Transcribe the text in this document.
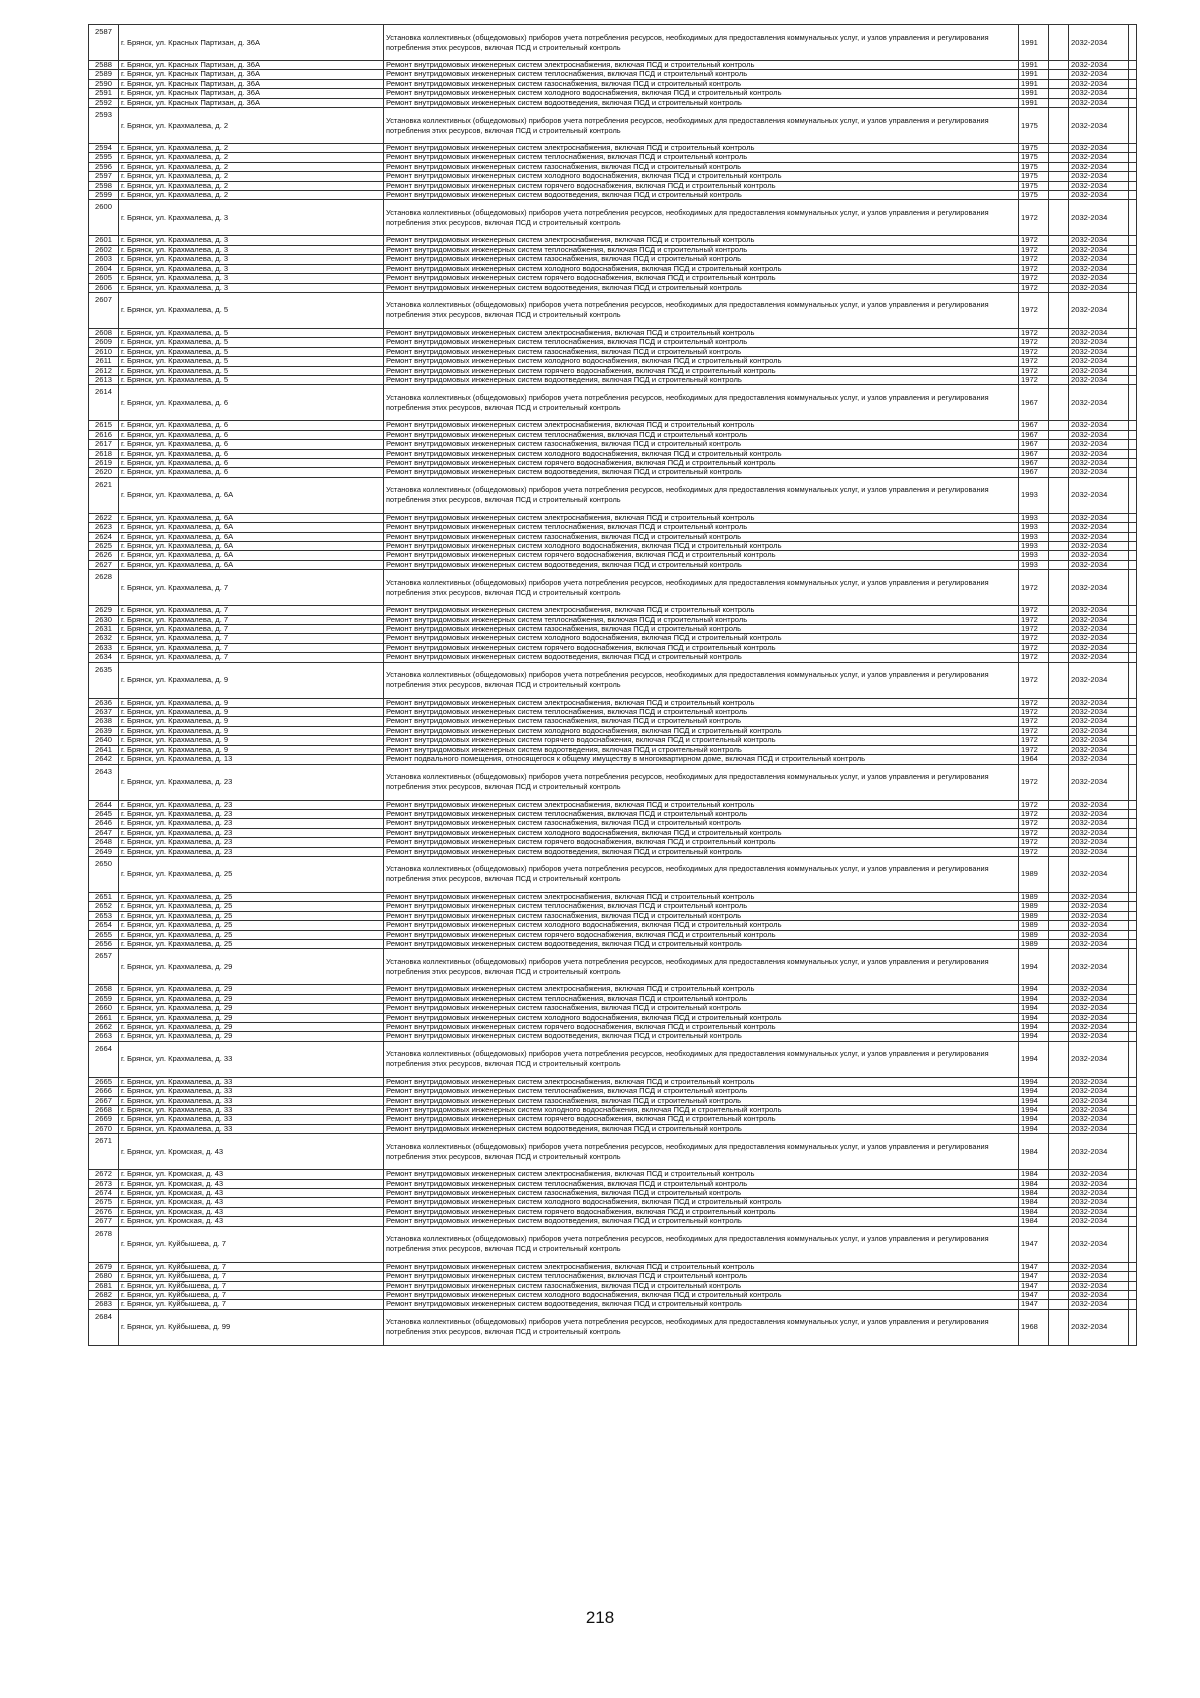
2587	г. Брянск, ул. Красных Партизан, д. 36А	Установка коллективных (общедомовых) приборов учета потребления ресурсов, необходимых для предоставления коммунальных услуг, и узлов управления и регулирования потребления этих ресурсов, включая ПСД и строительный контроль	1991		2032-2034	
2588	г. Брянск, ул. Красных Партизан, д. 36А	Ремонт внутридомовых инженерных систем электроснабжения, включая ПСД и строительный контроль	1991		2032-2034	
2589	г. Брянск, ул. Красных Партизан, д. 36А	Ремонт внутридомовых инженерных систем теплоснабжения, включая ПСД и строительный контроль	1991		2032-2034	
2590	г. Брянск, ул. Красных Партизан, д. 36А	Ремонт внутридомовых инженерных систем газоснабжения, включая ПСД и строительный контроль	1991		2032-2034	
2591	г. Брянск, ул. Красных Партизан, д. 36А	Ремонт внутридомовых инженерных систем холодного водоснабжения, включая ПСД и строительный контроль	1991		2032-2034	
2592	г. Брянск, ул. Красных Партизан, д. 36А	Ремонт внутридомовых инженерных систем водоотведения, включая ПСД и строительный контроль	1991		2032-2034	
2593	г. Брянск, ул. Крахмалева, д. 2	Установка коллективных (общедомовых) приборов учета потребления ресурсов, необходимых для предоставления коммунальных услуг, и узлов управления и регулирования потребления этих ресурсов, включая ПСД и строительный контроль	1975		2032-2034	
2594	г. Брянск, ул. Крахмалева, д. 2	Ремонт внутридомовых инженерных систем электроснабжения, включая ПСД и строительный контроль	1975		2032-2034	
2595	г. Брянск, ул. Крахмалева, д. 2	Ремонт внутридомовых инженерных систем теплоснабжения, включая ПСД и строительный контроль	1975		2032-2034	
2596	г. Брянск, ул. Крахмалева, д. 2	Ремонт внутридомовых инженерных систем газоснабжения, включая ПСД и строительный контроль	1975		2032-2034	
2597	г. Брянск, ул. Крахмалева, д. 2	Ремонт внутридомовых инженерных систем холодного водоснабжения, включая ПСД и строительный контроль	1975		2032-2034	
2598	г. Брянск, ул. Крахмалева, д. 2	Ремонт внутридомовых инженерных систем горячего водоснабжения, включая ПСД и строительный контроль	1975		2032-2034	
2599	г. Брянск, ул. Крахмалева, д. 2	Ремонт внутридомовых инженерных систем водоотведения, включая ПСД и строительный контроль	1975		2032-2034	
2600	г. Брянск, ул. Крахмалева, д. 3	Установка коллективных (общедомовых) приборов учета потребления ресурсов, необходимых для предоставления коммунальных услуг, и узлов управления и регулирования потребления этих ресурсов, включая ПСД и строительный контроль	1972		2032-2034	
2601	г. Брянск, ул. Крахмалева, д. 3	Ремонт внутридомовых инженерных систем электроснабжения, включая ПСД и строительный контроль	1972		2032-2034	
2602	г. Брянск, ул. Крахмалева, д. 3	Ремонт внутридомовых инженерных систем теплоснабжения, включая ПСД и строительный контроль	1972		2032-2034	
2603	г. Брянск, ул. Крахмалева, д. 3	Ремонт внутридомовых инженерных систем газоснабжения, включая ПСД и строительный контроль	1972		2032-2034	
2604	г. Брянск, ул. Крахмалева, д. 3	Ремонт внутридомовых инженерных систем холодного водоснабжения, включая ПСД и строительный контроль	1972		2032-2034	
2605	г. Брянск, ул. Крахмалева, д. 3	Ремонт внутридомовых инженерных систем горячего водоснабжения, включая ПСД и строительный контроль	1972		2032-2034	
2606	г. Брянск, ул. Крахмалева, д. 3	Ремонт внутридомовых инженерных систем водоотведения, включая ПСД и строительный контроль	1972		2032-2034	
2607	г. Брянск, ул. Крахмалева, д. 5	Установка коллективных (общедомовых) приборов учета потребления ресурсов, необходимых для предоставления коммунальных услуг, и узлов управления и регулирования потребления этих ресурсов, включая ПСД и строительный контроль	1972		2032-2034	
2608	г. Брянск, ул. Крахмалева, д. 5	Ремонт внутридомовых инженерных систем электроснабжения, включая ПСД и строительный контроль	1972		2032-2034	
2609	г. Брянск, ул. Крахмалева, д. 5	Ремонт внутридомовых инженерных систем теплоснабжения, включая ПСД и строительный контроль	1972		2032-2034	
2610	г. Брянск, ул. Крахмалева, д. 5	Ремонт внутридомовых инженерных систем газоснабжения, включая ПСД и строительный контроль	1972		2032-2034	
2611	г. Брянск, ул. Крахмалева, д. 5	Ремонт внутридомовых инженерных систем холодного водоснабжения, включая ПСД и строительный контроль	1972		2032-2034	
2612	г. Брянск, ул. Крахмалева, д. 5	Ремонт внутридомовых инженерных систем горячего водоснабжения, включая ПСД и строительный контроль	1972		2032-2034	
2613	г. Брянск, ул. Крахмалева, д. 5	Ремонт внутридомовых инженерных систем водоотведения, включая ПСД и строительный контроль	1972		2032-2034	
2614	г. Брянск, ул. Крахмалева, д. 6	Установка коллективных (общедомовых) приборов учета потребления ресурсов, необходимых для предоставления коммунальных услуг, и узлов управления и регулирования потребления этих ресурсов, включая ПСД и строительный контроль	1967		2032-2034	
2615	г. Брянск, ул. Крахмалева, д. 6	Ремонт внутридомовых инженерных систем электроснабжения, включая ПСД и строительный контроль	1967		2032-2034	
2616	г. Брянск, ул. Крахмалева, д. 6	Ремонт внутридомовых инженерных систем теплоснабжения, включая ПСД и строительный контроль	1967		2032-2034	
2617	г. Брянск, ул. Крахмалева, д. 6	Ремонт внутридомовых инженерных систем газоснабжения, включая ПСД и строительный контроль	1967		2032-2034	
2618	г. Брянск, ул. Крахмалева, д. 6	Ремонт внутридомовых инженерных систем холодного водоснабжения, включая ПСД и строительный контроль	1967		2032-2034	
2619	г. Брянск, ул. Крахмалева, д. 6	Ремонт внутридомовых инженерных систем горячего водоснабжения, включая ПСД и строительный контроль	1967		2032-2034	
2620	г. Брянск, ул. Крахмалева, д. 6	Ремонт внутридомовых инженерных систем водоотведения, включая ПСД и строительный контроль	1967		2032-2034	
2621	г. Брянск, ул. Крахмалева, д. 6А	Установка коллективных (общедомовых) приборов учета потребления ресурсов, необходимых для предоставления коммунальных услуг, и узлов управления и регулирования потребления этих ресурсов, включая ПСД и строительный контроль	1993		2032-2034	
2622	г. Брянск, ул. Крахмалева, д. 6А	Ремонт внутридомовых инженерных систем электроснабжения, включая ПСД и строительный контроль	1993		2032-2034	
2623	г. Брянск, ул. Крахмалева, д. 6А	Ремонт внутридомовых инженерных систем теплоснабжения, включая ПСД и строительный контроль	1993		2032-2034	
2624	г. Брянск, ул. Крахмалева, д. 6А	Ремонт внутридомовых инженерных систем газоснабжения, включая ПСД и строительный контроль	1993		2032-2034	
2625	г. Брянск, ул. Крахмалева, д. 6А	Ремонт внутридомовых инженерных систем холодного водоснабжения, включая ПСД и строительный контроль	1993		2032-2034	
2626	г. Брянск, ул. Крахмалева, д. 6А	Ремонт внутридомовых инженерных систем горячего водоснабжения, включая ПСД и строительный контроль	1993		2032-2034	
2627	г. Брянск, ул. Крахмалева, д. 6А	Ремонт внутридомовых инженерных систем водоотведения, включая ПСД и строительный контроль	1993		2032-2034	
2628	г. Брянск, ул. Крахмалева, д. 7	Установка коллективных (общедомовых) приборов учета потребления ресурсов, необходимых для предоставления коммунальных услуг, и узлов управления и регулирования потребления этих ресурсов, включая ПСД и строительный контроль	1972		2032-2034	
2629	г. Брянск, ул. Крахмалева, д. 7	Ремонт внутридомовых инженерных систем электроснабжения, включая ПСД и строительный контроль	1972		2032-2034	
2630	г. Брянск, ул. Крахмалева, д. 7	Ремонт внутридомовых инженерных систем теплоснабжения, включая ПСД и строительный контроль	1972		2032-2034	
2631	г. Брянск, ул. Крахмалева, д. 7	Ремонт внутридомовых инженерных систем газоснабжения, включая ПСД и строительный контроль	1972		2032-2034	
2632	г. Брянск, ул. Крахмалева, д. 7	Ремонт внутридомовых инженерных систем холодного водоснабжения, включая ПСД и строительный контроль	1972		2032-2034	
2633	г. Брянск, ул. Крахмалева, д. 7	Ремонт внутридомовых инженерных систем горячего водоснабжения, включая ПСД и строительный контроль	1972		2032-2034	
2634	г. Брянск, ул. Крахмалева, д. 7	Ремонт внутридомовых инженерных систем водоотведения, включая ПСД и строительный контроль	1972		2032-2034	
2635	г. Брянск, ул. Крахмалева, д. 9	Установка коллективных (общедомовых) приборов учета потребления ресурсов, необходимых для предоставления коммунальных услуг, и узлов управления и регулирования потребления этих ресурсов, включая ПСД и строительный контроль	1972		2032-2034	
2636	г. Брянск, ул. Крахмалева, д. 9	Ремонт внутридомовых инженерных систем электроснабжения, включая ПСД и строительный контроль	1972		2032-2034	
2637	г. Брянск, ул. Крахмалева, д. 9	Ремонт внутридомовых инженерных систем теплоснабжения, включая ПСД и строительный контроль	1972		2032-2034	
2638	г. Брянск, ул. Крахмалева, д. 9	Ремонт внутридомовых инженерных систем газоснабжения, включая ПСД и строительный контроль	1972		2032-2034	
2639	г. Брянск, ул. Крахмалева, д. 9	Ремонт внутридомовых инженерных систем холодного водоснабжения, включая ПСД и строительный контроль	1972		2032-2034	
2640	г. Брянск, ул. Крахмалева, д. 9	Ремонт внутридомовых инженерных систем горячего водоснабжения, включая ПСД и строительный контроль	1972		2032-2034	
2641	г. Брянск, ул. Крахмалева, д. 9	Ремонт внутридомовых инженерных систем водоотведения, включая ПСД и строительный контроль	1972		2032-2034	
2642	г. Брянск, ул. Крахмалева, д. 13	Ремонт подвального помещения, относящегося к общему имуществу в многоквартирном доме, включая ПСД и строительный контроль	1964		2032-2034	
2643	г. Брянск, ул. Крахмалева, д. 23	Установка коллективных (общедомовых) приборов учета потребления ресурсов, необходимых для предоставления коммунальных услуг, и узлов управления и регулирования потребления этих ресурсов, включая ПСД и строительный контроль	1972		2032-2034	
2644	г. Брянск, ул. Крахмалева, д. 23	Ремонт внутридомовых инженерных систем электроснабжения, включая ПСД и строительный контроль	1972		2032-2034	
2645	г. Брянск, ул. Крахмалева, д. 23	Ремонт внутридомовых инженерных систем теплоснабжения, включая ПСД и строительный контроль	1972		2032-2034	
2646	г. Брянск, ул. Крахмалева, д. 23	Ремонт внутридомовых инженерных систем газоснабжения, включая ПСД и строительный контроль	1972		2032-2034	
2647	г. Брянск, ул. Крахмалева, д. 23	Ремонт внутридомовых инженерных систем холодного водоснабжения, включая ПСД и строительный контроль	1972		2032-2034	
2648	г. Брянск, ул. Крахмалева, д. 23	Ремонт внутридомовых инженерных систем горячего водоснабжения, включая ПСД и строительный контроль	1972		2032-2034	
2649	г. Брянск, ул. Крахмалева, д. 23	Ремонт внутридомовых инженерных систем водоотведения, включая ПСД и строительный контроль	1972		2032-2034	
2650	г. Брянск, ул. Крахмалева, д. 25	Установка коллективных (общедомовых) приборов учета потребления ресурсов, необходимых для предоставления коммунальных услуг, и узлов управления и регулирования потребления этих ресурсов, включая ПСД и строительный контроль	1989		2032-2034	
2651	г. Брянск, ул. Крахмалева, д. 25	Ремонт внутридомовых инженерных систем электроснабжения, включая ПСД и строительный контроль	1989		2032-2034	
2652	г. Брянск, ул. Крахмалева, д. 25	Ремонт внутридомовых инженерных систем теплоснабжения, включая ПСД и строительный контроль	1989		2032-2034	
2653	г. Брянск, ул. Крахмалева, д. 25	Ремонт внутридомовых инженерных систем газоснабжения, включая ПСД и строительный контроль	1989		2032-2034	
2654	г. Брянск, ул. Крахмалева, д. 25	Ремонт внутридомовых инженерных систем холодного водоснабжения, включая ПСД и строительный контроль	1989		2032-2034	
2655	г. Брянск, ул. Крахмалева, д. 25	Ремонт внутридомовых инженерных систем горячего водоснабжения, включая ПСД и строительный контроль	1989		2032-2034	
2656	г. Брянск, ул. Крахмалева, д. 25	Ремонт внутридомовых инженерных систем водоотведения, включая ПСД и строительный контроль	1989		2032-2034	
2657	г. Брянск, ул. Крахмалева, д. 29	Установка коллективных (общедомовых) приборов учета потребления ресурсов, необходимых для предоставления коммунальных услуг, и узлов управления и регулирования потребления этих ресурсов, включая ПСД и строительный контроль	1994		2032-2034	
2658	г. Брянск, ул. Крахмалева, д. 29	Ремонт внутридомовых инженерных систем электроснабжения, включая ПСД и строительный контроль	1994		2032-2034	
2659	г. Брянск, ул. Крахмалева, д. 29	Ремонт внутридомовых инженерных систем теплоснабжения, включая ПСД и строительный контроль	1994		2032-2034	
2660	г. Брянск, ул. Крахмалева, д. 29	Ремонт внутридомовых инженерных систем газоснабжения, включая ПСД и строительный контроль	1994		2032-2034	
2661	г. Брянск, ул. Крахмалева, д. 29	Ремонт внутридомовых инженерных систем холодного водоснабжения, включая ПСД и строительный контроль	1994		2032-2034	
2662	г. Брянск, ул. Крахмалева, д. 29	Ремонт внутридомовых инженерных систем горячего водоснабжения, включая ПСД и строительный контроль	1994		2032-2034	
2663	г. Брянск, ул. Крахмалева, д. 29	Ремонт внутридомовых инженерных систем водоотведения, включая ПСД и строительный контроль	1994		2032-2034	
2664	г. Брянск, ул. Крахмалева, д. 33	Установка коллективных (общедомовых) приборов учета потребления ресурсов, необходимых для предоставления коммунальных услуг, и узлов управления и регулирования потребления этих ресурсов, включая ПСД и строительный контроль	1994		2032-2034	
2665	г. Брянск, ул. Крахмалева, д. 33	Ремонт внутридомовых инженерных систем электроснабжения, включая ПСД и строительный контроль	1994		2032-2034	
2666	г. Брянск, ул. Крахмалева, д. 33	Ремонт внутридомовых инженерных систем теплоснабжения, включая ПСД и строительный контроль	1994		2032-2034	
2667	г. Брянск, ул. Крахмалева, д. 33	Ремонт внутридомовых инженерных систем газоснабжения, включая ПСД и строительный контроль	1994		2032-2034	
2668	г. Брянск, ул. Крахмалева, д. 33	Ремонт внутридомовых инженерных систем холодного водоснабжения, включая ПСД и строительный контроль	1994		2032-2034	
2669	г. Брянск, ул. Крахмалева, д. 33	Ремонт внутридомовых инженерных систем горячего водоснабжения, включая ПСД и строительный контроль	1994		2032-2034	
2670	г. Брянск, ул. Крахмалева, д. 33	Ремонт внутридомовых инженерных систем водоотведения, включая ПСД и строительный контроль	1994		2032-2034	
2671	г. Брянск, ул. Кромская, д. 43	Установка коллективных (общедомовых) приборов учета потребления ресурсов, необходимых для предоставления коммунальных услуг, и узлов управления и регулирования потребления этих ресурсов, включая ПСД и строительный контроль	1984		2032-2034	
2672	г. Брянск, ул. Кромская, д. 43	Ремонт внутридомовых инженерных систем электроснабжения, включая ПСД и строительный контроль	1984		2032-2034	
2673	г. Брянск, ул. Кромская, д. 43	Ремонт внутридомовых инженерных систем теплоснабжения, включая ПСД и строительный контроль	1984		2032-2034	
2674	г. Брянск, ул. Кромская, д. 43	Ремонт внутридомовых инженерных систем газоснабжения, включая ПСД и строительный контроль	1984		2032-2034	
2675	г. Брянск, ул. Кромская, д. 43	Ремонт внутридомовых инженерных систем холодного водоснабжения, включая ПСД и строительный контроль	1984		2032-2034	
2676	г. Брянск, ул. Кромская, д. 43	Ремонт внутридомовых инженерных систем горячего водоснабжения, включая ПСД и строительный контроль	1984		2032-2034	
2677	г. Брянск, ул. Кромская, д. 43	Ремонт внутридомовых инженерных систем водоотведения, включая ПСД и строительный контроль	1984		2032-2034	
2678	г. Брянск, ул. Куйбышева, д. 7	Установка коллективных (общедомовых) приборов учета потребления ресурсов, необходимых для предоставления коммунальных услуг, и узлов управления и регулирования потребления этих ресурсов, включая ПСД и строительный контроль	1947		2032-2034	
2679	г. Брянск, ул. Куйбышева, д. 7	Ремонт внутридомовых инженерных систем электроснабжения, включая ПСД и строительный контроль	1947		2032-2034	
2680	г. Брянск, ул. Куйбышева, д. 7	Ремонт внутридомовых инженерных систем теплоснабжения, включая ПСД и строительный контроль	1947		2032-2034	
2681	г. Брянск, ул. Куйбышева, д. 7	Ремонт внутридомовых инженерных систем газоснабжения, включая ПСД и строительный контроль	1947		2032-2034	
2682	г. Брянск, ул. Куйбышева, д. 7	Ремонт внутридомовых инженерных систем холодного водоснабжения, включая ПСД и строительный контроль	1947		2032-2034	
2683	г. Брянск, ул. Куйбышева, д. 7	Ремонт внутридомовых инженерных систем водоотведения, включая ПСД и строительный контроль	1947		2032-2034	
2684	г. Брянск, ул. Куйбышева, д. 99	Установка коллективных (общедомовых) приборов учета потребления ресурсов, необходимых для предоставления коммунальных услуг, и узлов управления и регулирования потребления этих ресурсов, включая ПСД и строительный контроль	1968		2032-2034	
218
